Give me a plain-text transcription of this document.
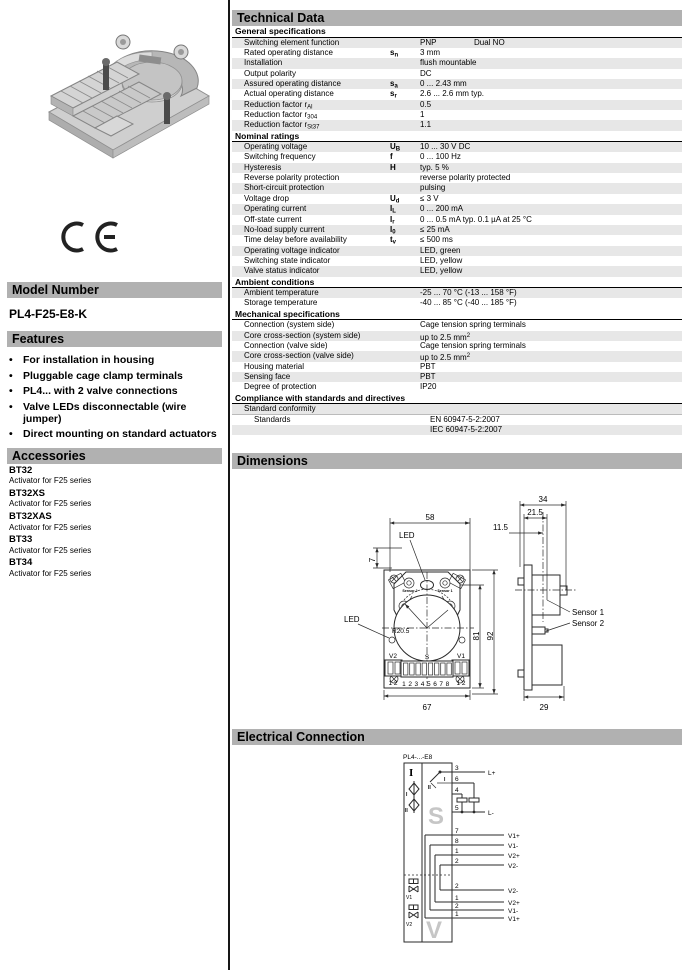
Model Number
PL4-F25-E8-K
Features
• For installation in housing
• Pluggable cage clamp terminals
• PL4... with 2 valve connections
• Valve LEDs disconnectable (wire jumper)
• Direct mounting on standard actuators
Accessories
BT32
Activator for F25 series
BT32XS
Activator for F25 series
BT32XAS
Activator for F25 series
BT33
Activator for F25 series
BT34
Activator for F25 series
Technical Data
General specifications
Switching element function	PNP	Dual NO
Rated operating distance	$s_n$	3 mm
Installation	flush mountable
Output polarity	DC
Assured operating distance	$s_a$	0 ... 2.43 mm
Actual operating distance	$s_r$	2.6 ... 2.6 mm typ.
Reduction factor $r_{Al}$	0.5
Reduction factor $r_{304}$	1
Reduction factor $r_{St37}$	1.1
Nominal ratings
Operating voltage	$U_B$	10 ... 30 V DC
Switching frequency	f	0 ... 100 Hz
Hysteresis	H	typ. 5 %
Reverse polarity protection	reverse polarity protected
Short-circuit protection	pulsing
Voltage drop	$U_d$	≤ 3 V
Operating current	$I_L$	0 ... 200 mA
Off-state current	$I_r$	0 ... 0.5 mA typ. 0.1 µA at 25 °C
No-load supply current	$I_0$	≤ 25 mA
Time delay before availability	$t_v$	≤ 500 ms
Operating voltage indicator	LED, green
Switching state indicator	LED, yellow
Valve status indicator	LED, yellow
Ambient conditions
Ambient temperature	-25 ... 70 °C (-13 ... 158 °F)
Storage temperature	-40 ... 85 °C (-40 ... 185 °F)
Mechanical specifications
Connection (system side)	Cage tension spring terminals
Core cross-section (system side)	up to 2.5 $mm^2$
Connection (valve side)	Cage tension spring terminals
Core cross-section (valve side)	up to 2.5 $mm^2$
Housing material	PBT
Sensing face	PBT
Degree of protection	IP20
Compliance with standards and directives
Standard conformity
Standards	EN 60947-5-2:2007
IEC 60947-5-2:2007
Dimensions
Sensor 2	Sensor 1
R20.5
V2	V1
1 2	1 2
S
12345678
LED
LED
58
7
81 92
67
34
21.5
11.5
Sensor 1
Sensor 2
29
Electrical Connection
PL4-...-E8
S
V
I
I
II
I
II
3
6
4
5
L+
L-
7
8
1
2
V1+
V1-
V2+
V2-
2
1
2
1
V2-
V2+
V1-
V1+
V1
V2
